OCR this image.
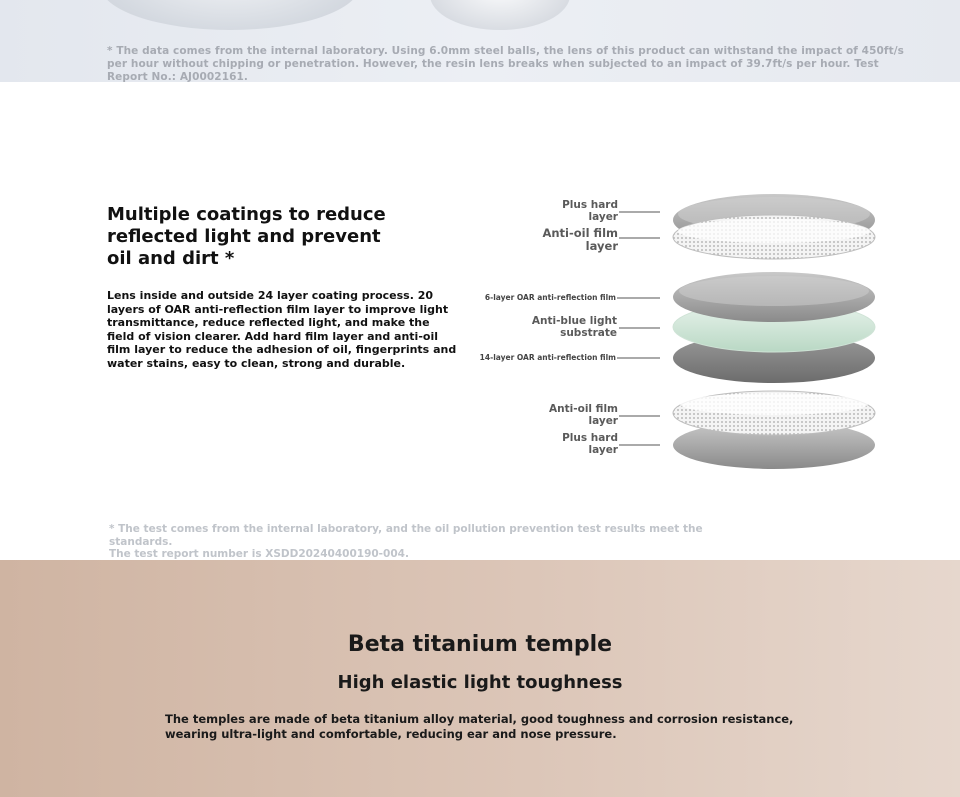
* The data comes from the internal laboratory. Using 6.0mm steel balls, the lens of this product can withstand the impact of 450ft/s per hour without chipping or penetration. However, the resin lens breaks when subjected to an impact of 39.7ft/s per hour. Test Report No.: AJ0002161.
Multiple coatings to reduce reflected light and prevent oil and dirt *
Lens inside and outside 24 layer coating process. 20 layers of OAR anti-reflection film layer to improve light transmittance, reduce reflected light, and make the field of vision clearer. Add hard film layer and anti-oil film layer to reduce the adhesion of oil, fingerprints and water stains, easy to clean, strong and durable.
Plus hard layer
Anti-oil film layer
6-layer OAR anti-reflection film
Anti-blue light substrate
14-layer OAR anti-reflection film
Anti-oil film layer
Plus hard layer
* The test comes from the internal laboratory, and the oil pollution prevention test results meet the standards.
The test report number is XSDD20240400190-004.
Beta titanium temple
High elastic light toughness
The temples are made of beta titanium alloy material, good toughness and corrosion resistance, wearing ultra-light and comfortable, reducing ear and nose pressure.
